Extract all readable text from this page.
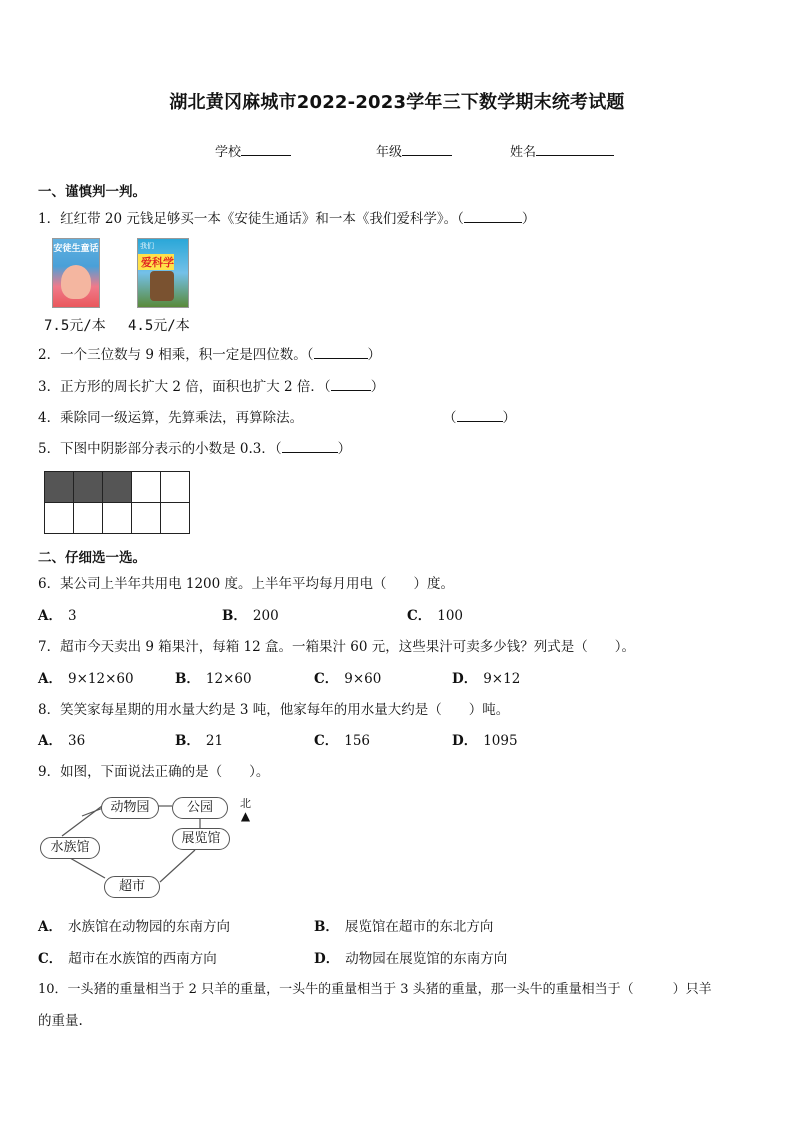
湖北黄冈麻城市2022-2023学年三下数学期末统考试题
学校	年级	姓名
一、谨慎判一判。
1．红红带 20 元钱足够买一本《安徒生通话》和一本《我们爱科学》。（	）
安徒生童话	我们
爱科学
7.5元/本 4.5元/本
2．一个三位数与 9 相乘，积一定是四位数。（	）
3．正方形的周长扩大 2 倍，面积也扩大 2 倍．（	）
4．乘除同一级运算，先算乘法，再算除法。	（	）
5．下图中阴影部分表示的小数是 0.3．（	）

二、仔细选一选。
6．某公司上半年共用电 1200 度。上半年平均每月用电（　　）度。
A． 3	B． 200	C． 100
7．超市今天卖出 9 箱果汁，每箱 12 盒。一箱果汁 60 元，这些果汁可卖多少钱？列式是（　　）。
A． 9×12×60	B． 12×60	C． 9×60	D． 9×12
8．笑笑家每星期的用水量大约是 3 吨，他家每年的用水量大约是（　　）吨。
A． 36	B． 21	C． 156	D． 1095
9．如图，下面说法正确的是（　　）。
动物园	公园
展览馆
水族馆
超市
北
▲
A． 水族馆在动物园的东南方向	B． 展览馆在超市的东北方向
C． 超市在水族馆的西南方向	D． 动物园在展览馆的东南方向
10．一头猪的重量相当于 2 只羊的重量，一头牛的重量相当于 3 头猪的重量，那一头牛的重量相当于（　　　）只羊
的重量.
